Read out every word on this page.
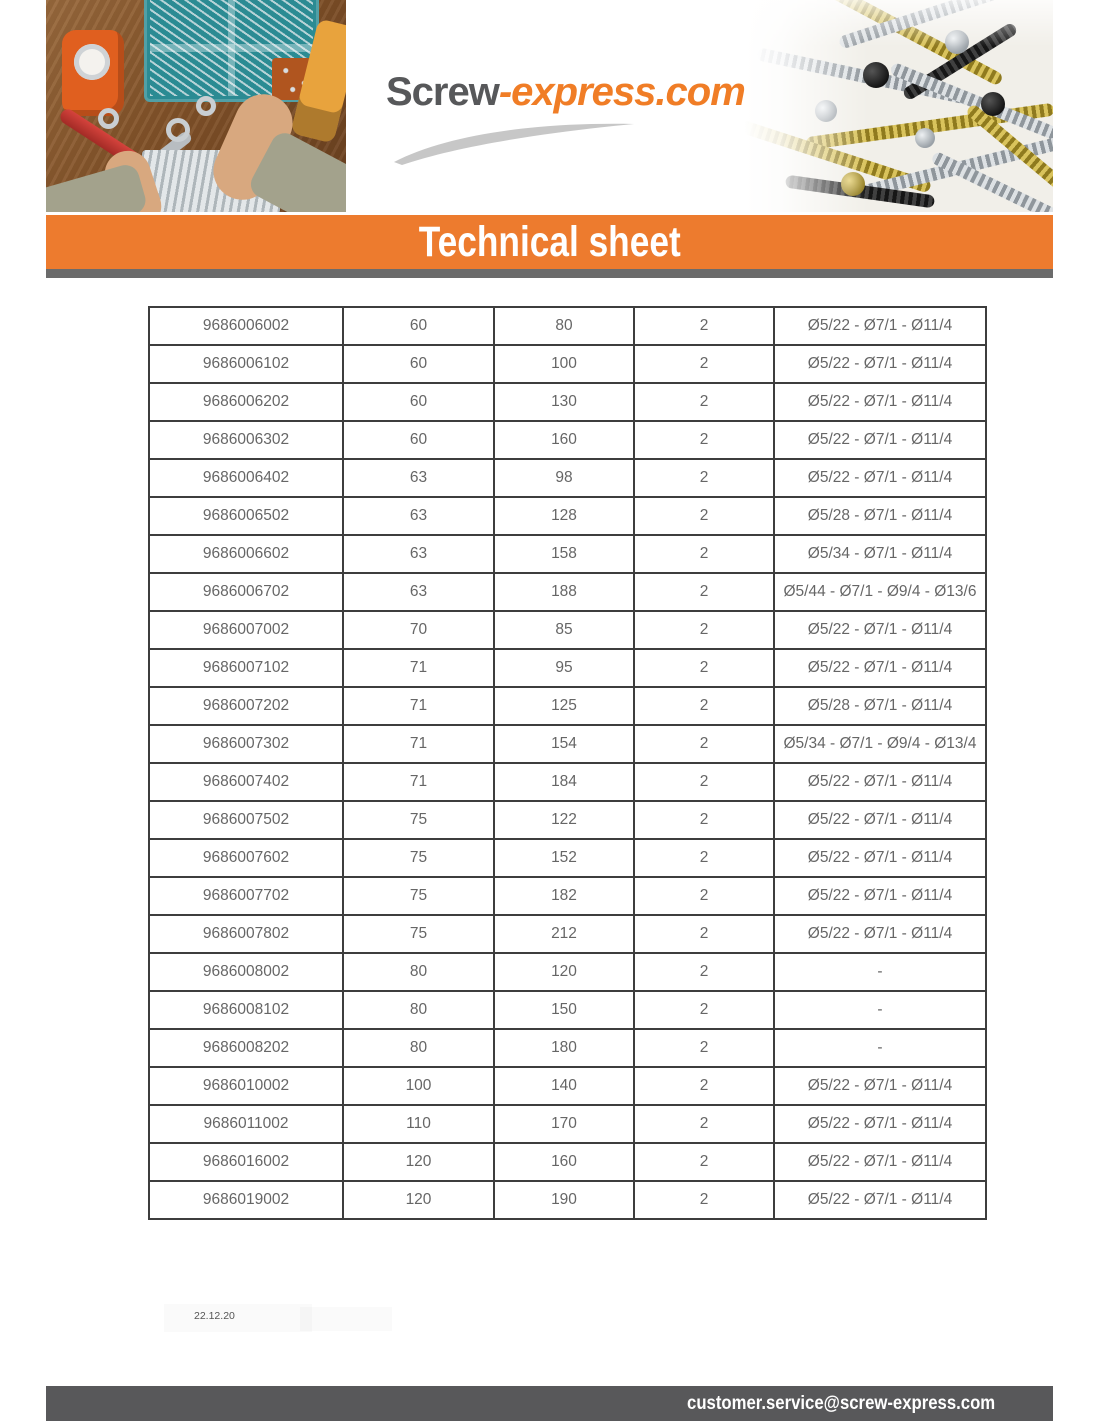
Screw-express.com
Technical sheet
9686006002	60	80	2	Ø5/22 - Ø7/1 - Ø11/4
9686006102	60	100	2	Ø5/22 - Ø7/1 - Ø11/4
9686006202	60	130	2	Ø5/22 - Ø7/1 - Ø11/4
9686006302	60	160	2	Ø5/22 - Ø7/1 - Ø11/4
9686006402	63	98	2	Ø5/22 - Ø7/1 - Ø11/4
9686006502	63	128	2	Ø5/28 - Ø7/1 - Ø11/4
9686006602	63	158	2	Ø5/34 - Ø7/1 - Ø11/4
9686006702	63	188	2	Ø5/44 - Ø7/1 - Ø9/4 - Ø13/6
9686007002	70	85	2	Ø5/22 - Ø7/1 - Ø11/4
9686007102	71	95	2	Ø5/22 - Ø7/1 - Ø11/4
9686007202	71	125	2	Ø5/28 - Ø7/1 - Ø11/4
9686007302	71	154	2	Ø5/34 - Ø7/1 - Ø9/4 - Ø13/4
9686007402	71	184	2	Ø5/22 - Ø7/1 - Ø11/4
9686007502	75	122	2	Ø5/22 - Ø7/1 - Ø11/4
9686007602	75	152	2	Ø5/22 - Ø7/1 - Ø11/4
9686007702	75	182	2	Ø5/22 - Ø7/1 - Ø11/4
9686007802	75	212	2	Ø5/22 - Ø7/1 - Ø11/4
9686008002	80	120	2	-
9686008102	80	150	2	-
9686008202	80	180	2	-
9686010002	100	140	2	Ø5/22 - Ø7/1 - Ø11/4
9686011002	110	170	2	Ø5/22 - Ø7/1 - Ø11/4
9686016002	120	160	2	Ø5/22 - Ø7/1 - Ø11/4
9686019002	120	190	2	Ø5/22 - Ø7/1 - Ø11/4
22.12.20
customer.service@screw-express.com
